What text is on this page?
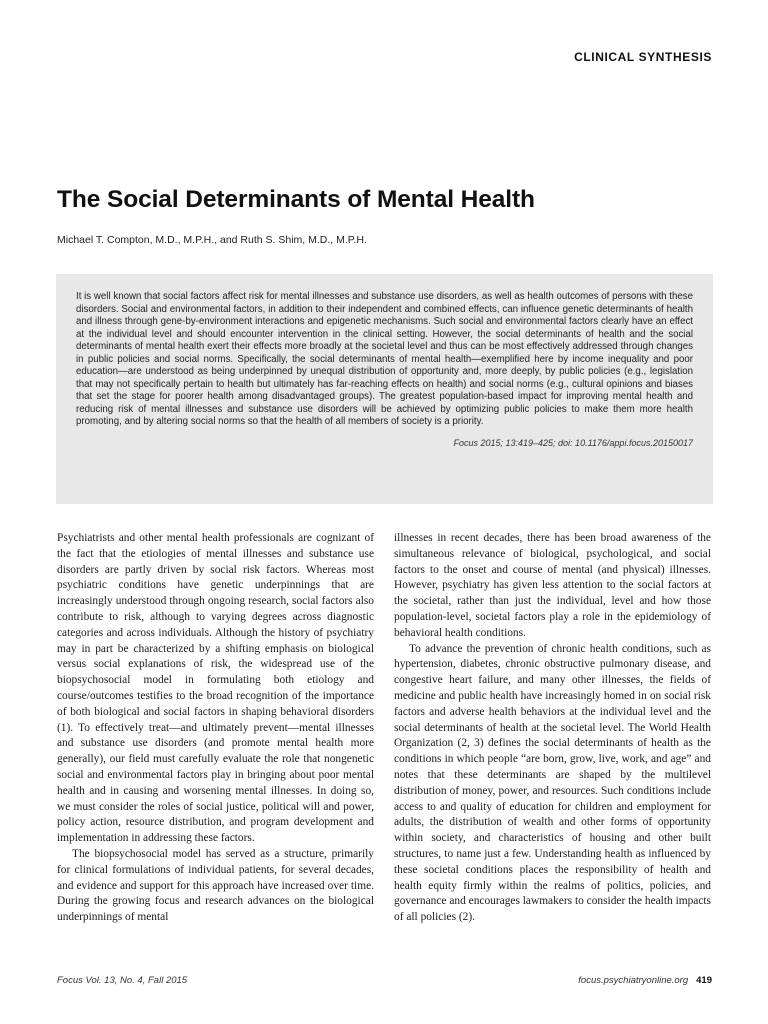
CLINICAL SYNTHESIS
The Social Determinants of Mental Health
Michael T. Compton, M.D., M.P.H., and Ruth S. Shim, M.D., M.P.H.

It is well known that social factors affect risk for mental illnesses and substance use disorders, as well as health outcomes of persons with these disorders. Social and environmental factors, in addition to their independent and combined effects, can influence genetic determinants of health and illness through gene-by-environment interactions and epigenetic mechanisms. Such social and environmental factors clearly have an effect at the individual level and should encounter intervention in the clinical setting. However, the social determinants of health and the social determinants of mental health exert their effects more broadly at the societal level and thus can be most effectively addressed through changes in public policies and social norms. Specifically, the social determinants of mental health—exemplified here by income inequality and poor education—are understood as being underpinned by unequal distribution of opportunity and, more deeply, by public policies (e.g., legislation that may not specifically pertain to health but ultimately has far-reaching effects on health) and social norms (e.g., cultural opinions and biases that set the stage for poorer health among disadvantaged groups). The greatest population-based impact for improving mental health and reducing risk of mental illnesses and substance use disorders will be achieved by optimizing public policies to make them more health promoting, and by altering social norms so that the health of all members of society is a priority.

Focus 2015; 13:419–425; doi: 10.1176/appi.focus.20150017

Psychiatrists and other mental health professionals are cognizant of the fact that the etiologies of mental illnesses and substance use disorders are partly driven by social risk factors. Whereas most psychiatric conditions have genetic underpinnings that are increasingly understood through ongoing research, social factors also contribute to risk, although to varying degrees across diagnostic categories and across individuals. Although the history of psychiatry may in part be characterized by a shifting emphasis on biological versus social explanations of risk, the widespread use of the biopsychosocial model in formulating both etiology and course/outcomes testifies to the broad recognition of the importance of both biological and social factors in shaping behavioral disorders (1). To effectively treat—and ultimately prevent—mental illnesses and substance use disorders (and promote mental health more generally), our field must carefully evaluate the role that nongenetic social and environmental factors play in bringing about poor mental health and in causing and worsening mental illnesses. In doing so, we must consider the roles of social justice, political will and power, policy action, resource distribution, and program development and implementation in addressing these factors.

The biopsychosocial model has served as a structure, primarily for clinical formulations of individual patients, for several decades, and evidence and support for this approach have increased over time. During the growing focus and research advances on the biological underpinnings of mental

illnesses in recent decades, there has been broad awareness of the simultaneous relevance of biological, psychological, and social factors to the onset and course of mental (and physical) illnesses. However, psychiatry has given less attention to the social factors at the societal, rather than just the individual, level and how those population-level, societal factors play a role in the epidemiology of behavioral health conditions.

To advance the prevention of chronic health conditions, such as hypertension, diabetes, chronic obstructive pulmonary disease, and congestive heart failure, and many other illnesses, the fields of medicine and public health have increasingly homed in on social risk factors and adverse health behaviors at the individual level and the social determinants of health at the societal level. The World Health Organization (2, 3) defines the social determinants of health as the conditions in which people “are born, grow, live, work, and age” and notes that these determinants are shaped by the multilevel distribution of money, power, and resources. Such conditions include access to and quality of education for children and employment for adults, the distribution of wealth and other forms of opportunity within society, and characteristics of housing and other built structures, to name just a few. Understanding health as influenced by these societal conditions places the responsibility of health and health equity firmly within the realms of politics, policies, and governance and encourages lawmakers to consider the health impacts of all policies (2).

Focus Vol. 13, No. 4, Fall 2015	focus.psychiatryonline.org 419
